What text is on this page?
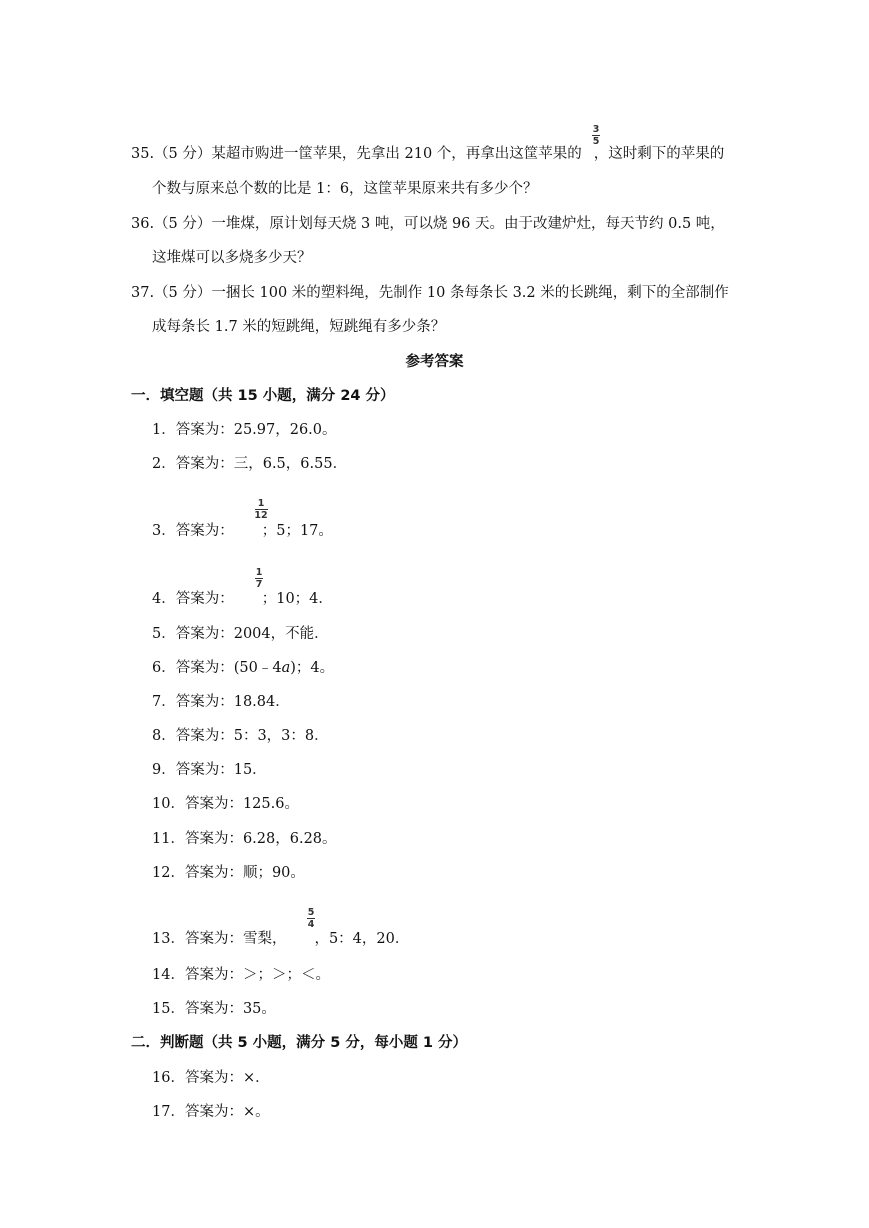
35.（5 分）某超市购进一筐苹果，先拿出 210 个，再拿出这筐苹果的 ，这时剩下的苹果的
3
5
个数与原来总个数的比是 1：6，这筐苹果原来共有多少个？
36.（5 分）一堆煤，原计划每天烧 3 吨，可以烧 96 天。由于改建炉灶，每天节约 0.5 吨，
这堆煤可以多烧多少天？
37.（5 分）一捆长 100 米的塑料绳，先制作 10 条每条长 3.2 米的长跳绳，剩下的全部制作
成每条长 1.7 米的短跳绳，短跳绳有多少条？
参考答案
一．填空题（共 15 小题，满分 24 分）
1．答案为：25.97，26.0。
2．答案为：三，6.5，6.55．
3．答案为： ；5；17。
1
12
4．答案为： ；10；4．
1
7
5．答案为：2004，不能．
6．答案为：(50﹣4a)；4。
7．答案为：18.84．
8．答案为：5：3，3：8．
9．答案为：15．
10．答案为：125.6。
11．答案为：6.28，6.28。
12．答案为：顺；90。
13．答案为：雪梨， ，5：4，20．
5
4
14．答案为：＞；＞；＜。
15．答案为：35。
二．判断题（共 5 小题，满分 5 分，每小题 1 分）
16．答案为：×．
17．答案为：×。
